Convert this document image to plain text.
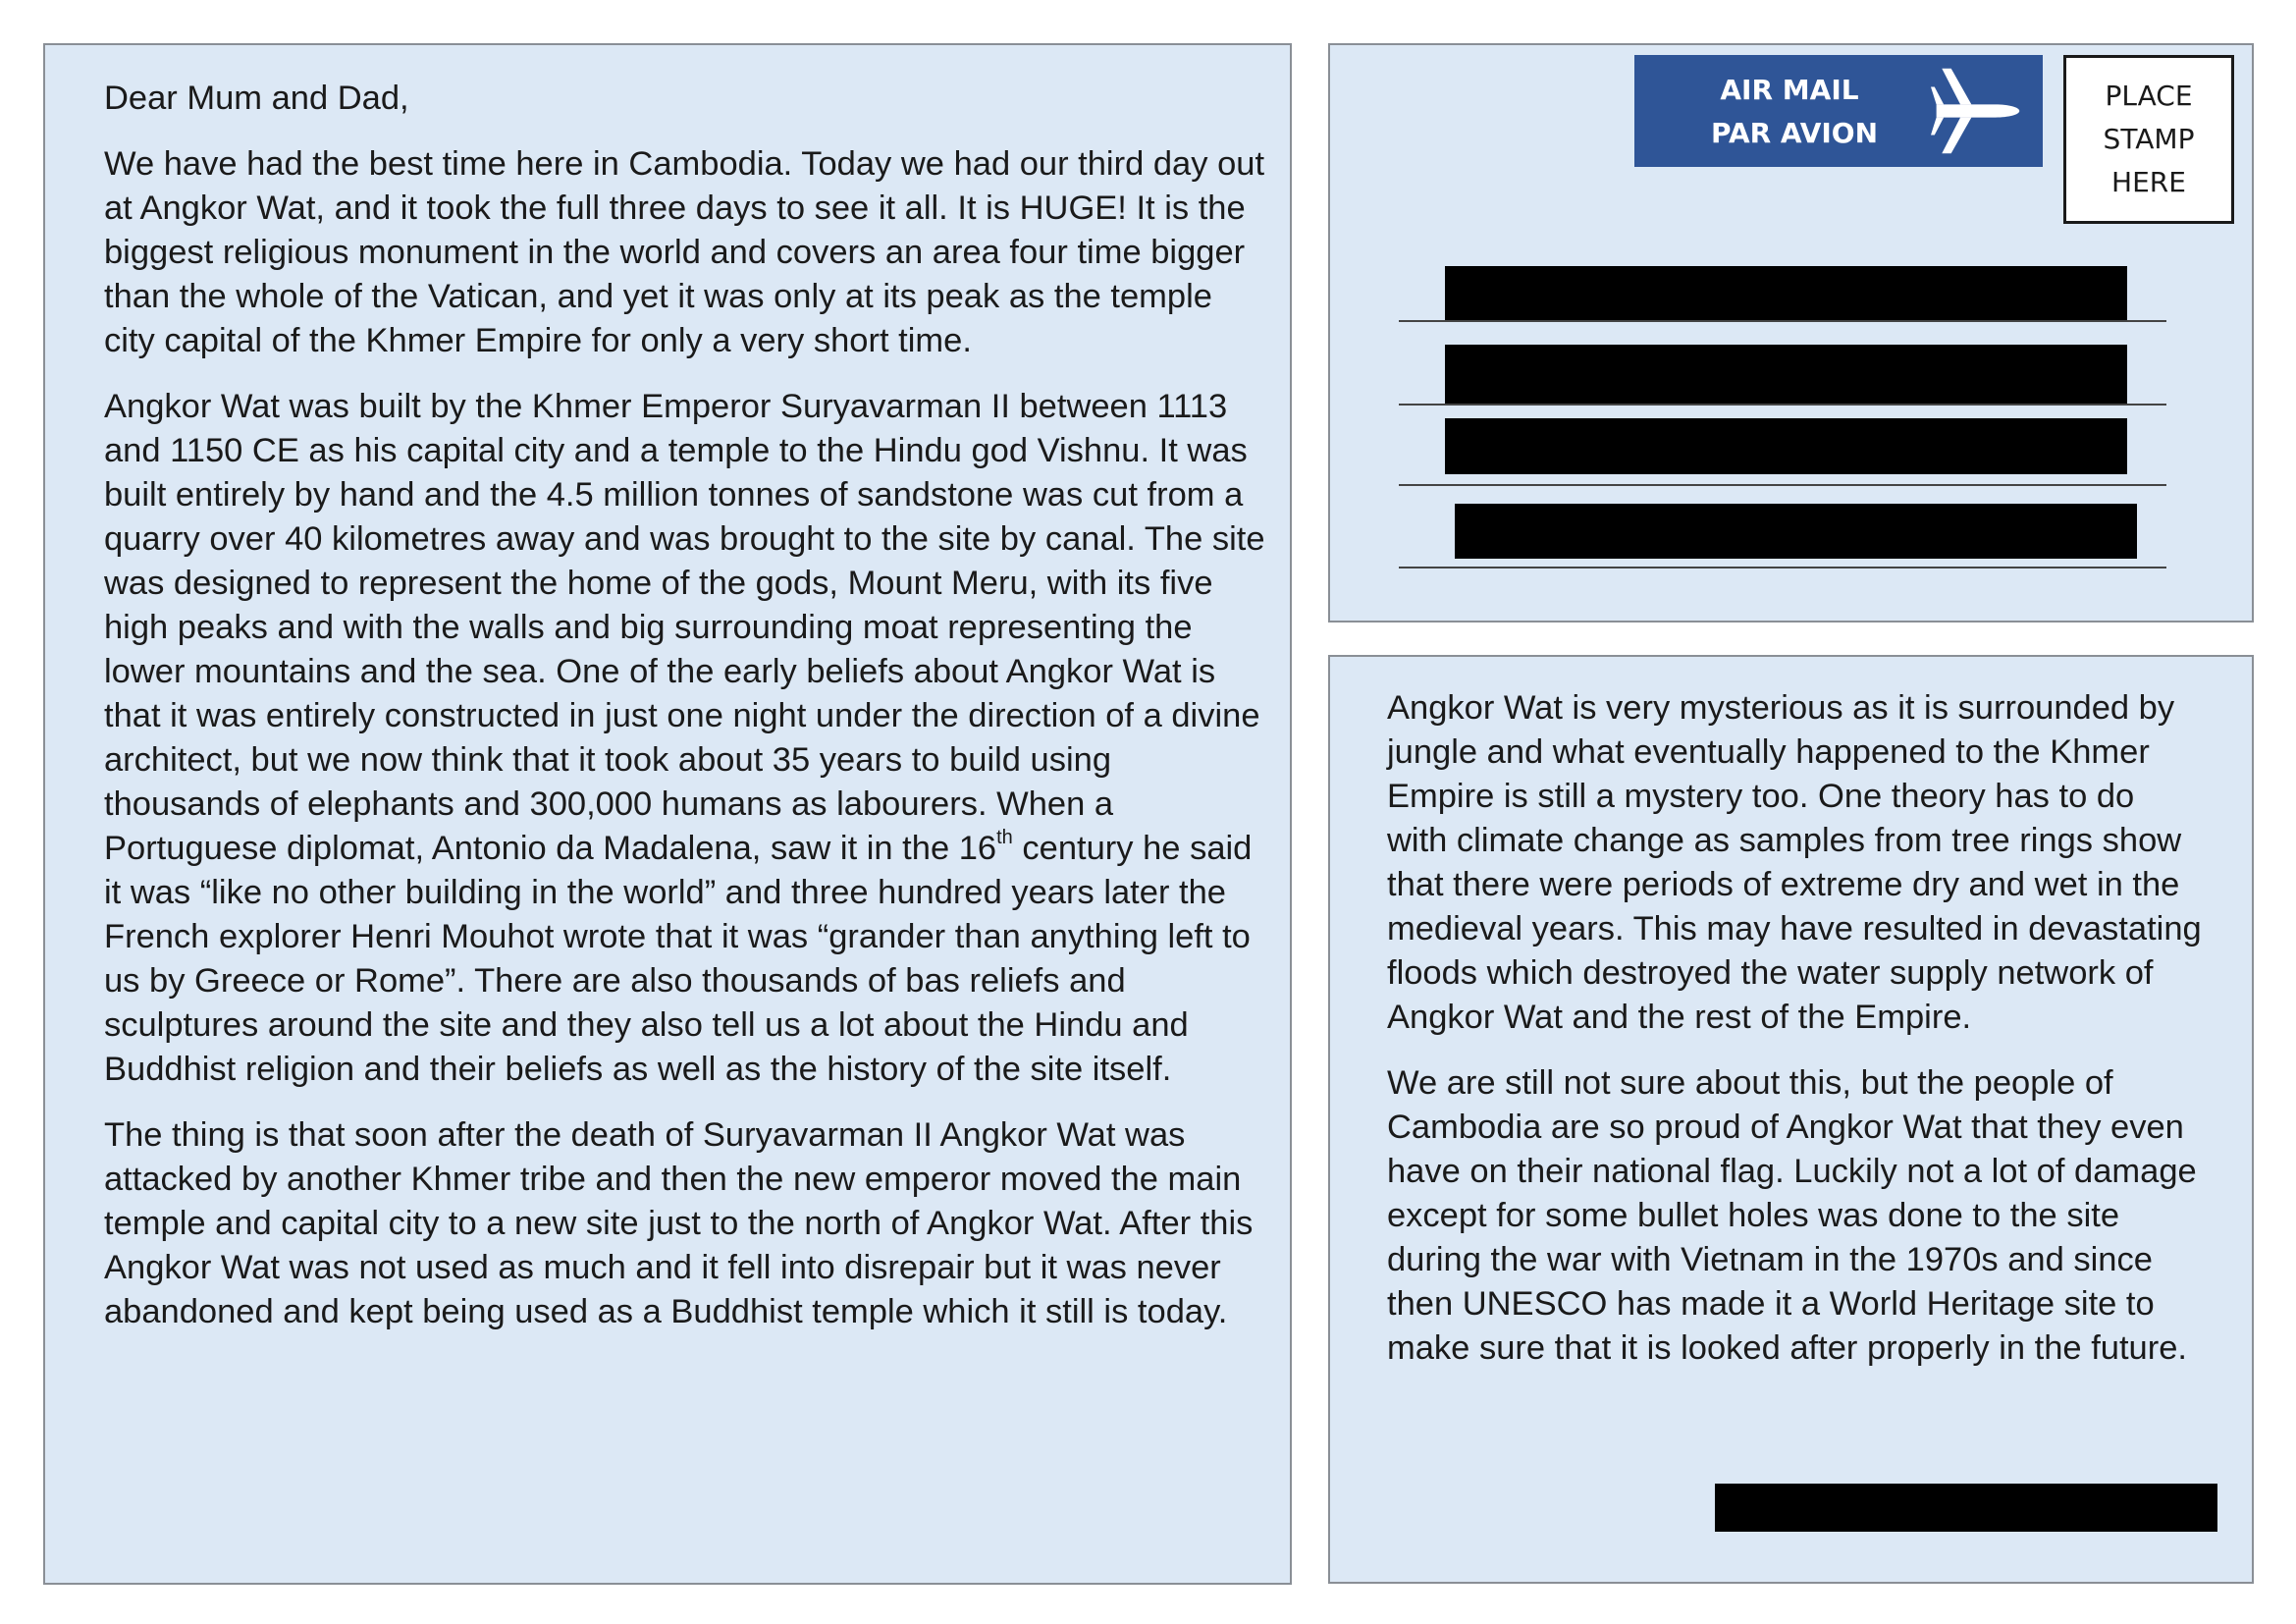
Dear Mum and Dad,

We have had the best time here in Cambodia. Today we had our third day out at Angkor Wat, and it took the full three days to see it all. It is HUGE! It is the biggest religious monument in the world and covers an area four time bigger than the whole of the Vatican, and yet it was only at its peak as the temple city capital of the Khmer Empire for only a very short time.

Angkor Wat was built by the Khmer Emperor Suryavarman II between 1113 and 1150 CE as his capital city and a temple to the Hindu god Vishnu. It was built entirely by hand and the 4.5 million tonnes of sandstone was cut from a quarry over 40 kilometres away and was brought to the site by canal. The site was designed to represent the home of the gods, Mount Meru, with its five high peaks and with the walls and big surrounding moat representing the lower mountains and the sea. One of the early beliefs about Angkor Wat is that it was entirely constructed in just one night under the direction of a divine architect, but we now think that it took about 35 years to build using thousands of elephants and 300,000 humans as labourers. When a Portuguese diplomat, Antonio da Madalena, saw it in the 16th century he said it was “like no other building in the world” and three hundred years later the French explorer Henri Mouhot wrote that it was “grander than anything left to us by Greece or Rome”. There are also thousands of bas reliefs and sculptures around the site and they also tell us a lot about the Hindu and Buddhist religion and their beliefs as well as the history of the site itself.

The thing is that soon after the death of Suryavarman II Angkor Wat was attacked by another Khmer tribe and then the new emperor moved the main temple and capital city to a new site just to the north of Angkor Wat. After this Angkor Wat was not used as much and it fell into disrepair but it was never abandoned and kept being used as a Buddhist temple which it still is today.

AIR MAIL
PAR AVION
PLACE
STAMP
HERE

Angkor Wat is very mysterious as it is surrounded by jungle and what eventually happened to the Khmer Empire is still a mystery too. One theory has to do with climate change as samples from tree rings show that there were periods of extreme dry and wet in the medieval years. This may have resulted in devastating floods which destroyed the water supply network of Angkor Wat and the rest of the Empire.

We are still not sure about this, but the people of Cambodia are so proud of Angkor Wat that they even have on their national flag. Luckily not a lot of damage except for some bullet holes was done to the site during the war with Vietnam in the 1970s and since then UNESCO has made it a World Heritage site to make sure that it is looked after properly in the future.
